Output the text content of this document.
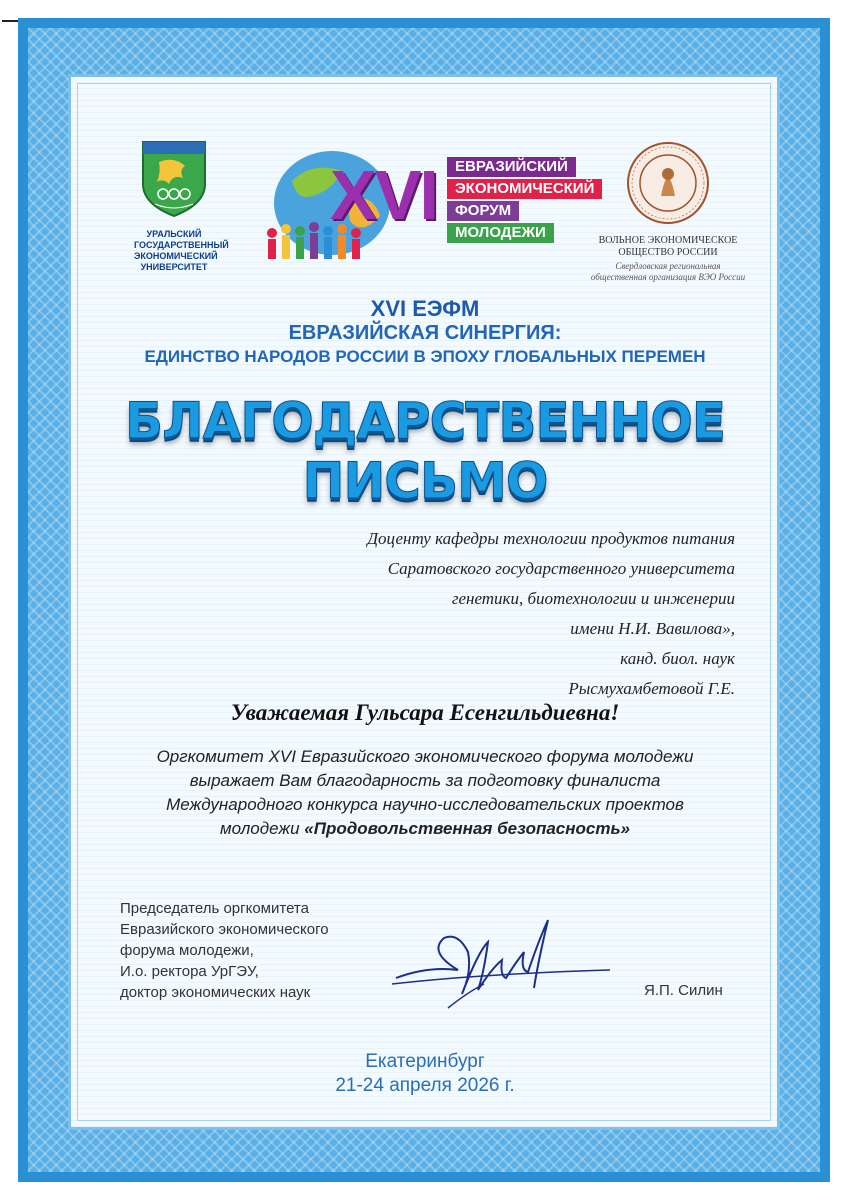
УРАЛЬСКИЙ
ГОСУДАРСТВЕННЫЙ
ЭКОНОМИЧЕСКИЙ
УНИВЕРСИТЕТ
XVI	ЕВРАЗИЙСКИЙ
ЭКОНОМИЧЕСКИЙ
ФОРУМ
МОЛОДЕЖИ	ВОЛЬНОЕ ЭКОНОМИЧЕСКОЕ
ОБЩЕСТВО РОССИИ
Свердловская региональная
общественная организация ВЭО России
XVI ЕЭФМ
ЕВРАЗИЙСКАЯ СИНЕРГИЯ:
ЕДИНСТВО НАРОДОВ РОССИИ В ЭПОХУ ГЛОБАЛЬНЫХ ПЕРЕМЕН
БЛАГОДАРСТВЕННОЕ
ПИСЬМО
Доценту кафедры технологии продуктов питания
Саратовского государственного университета
генетики, биотехнологии и инженерии
имени Н.И. Вавилова»,
канд. биол. наук
Рысмухамбетовой Г.Е.
Уважаемая Гульсара Есенгильдиевна!
Оргкомитет XVI Евразийского экономического форума молодежи
выражает Вам благодарность за подготовку финалиста
Международного конкурса научно-исследовательских проектов
молодежи «Продовольственная безопасность»
Председатель оргкомитета
Евразийского экономического
форума молодежи,
И.о. ректора УрГЭУ,
доктор экономических наук	Я.П. Силин
Екатеринбург
21-24 апреля 2026 г.
